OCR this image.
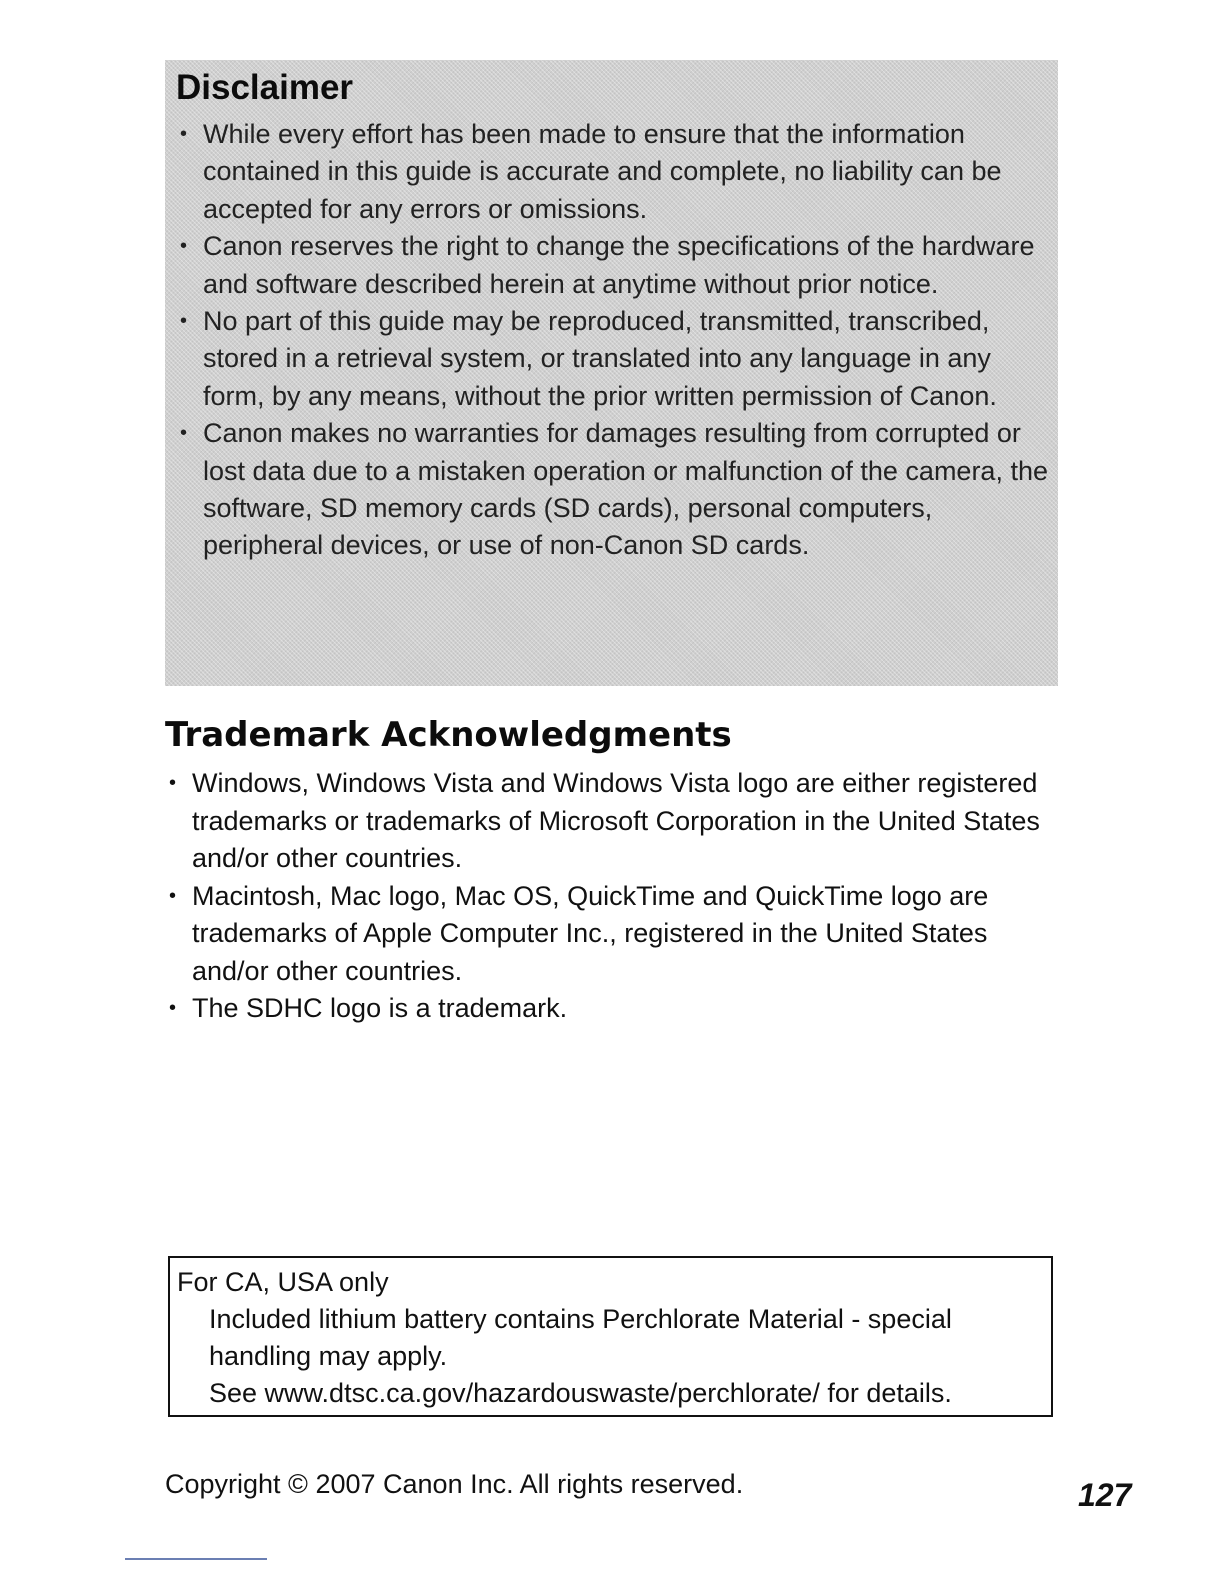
Disclaimer
• While every effort has been made to ensure that the information contained in this guide is accurate and complete, no liability can be accepted for any errors or omissions.
• Canon reserves the right to change the specifications of the hardware and software described herein at anytime without prior notice.
• No part of this guide may be reproduced, transmitted, transcribed, stored in a retrieval system, or translated into any language in any form, by any means, without the prior written permission of Canon.
• Canon makes no warranties for damages resulting from corrupted or lost data due to a mistaken operation or malfunction of the camera, the software, SD memory cards (SD cards), personal computers, peripheral devices, or use of non-Canon SD cards.
Trademark Acknowledgments
• Windows, Windows Vista and Windows Vista logo are either registered trademarks or trademarks of Microsoft Corporation in the United States and/or other countries.
• Macintosh, Mac logo, Mac OS, QuickTime and QuickTime logo are trademarks of Apple Computer Inc., registered in the United States and/or other countries.
• The SDHC logo is a trademark.
For CA, USA only
Included lithium battery contains Perchlorate Material - special handling may apply.
See www.dtsc.ca.gov/hazardouswaste/perchlorate/ for details.
Copyright © 2007 Canon Inc. All rights reserved.	127
